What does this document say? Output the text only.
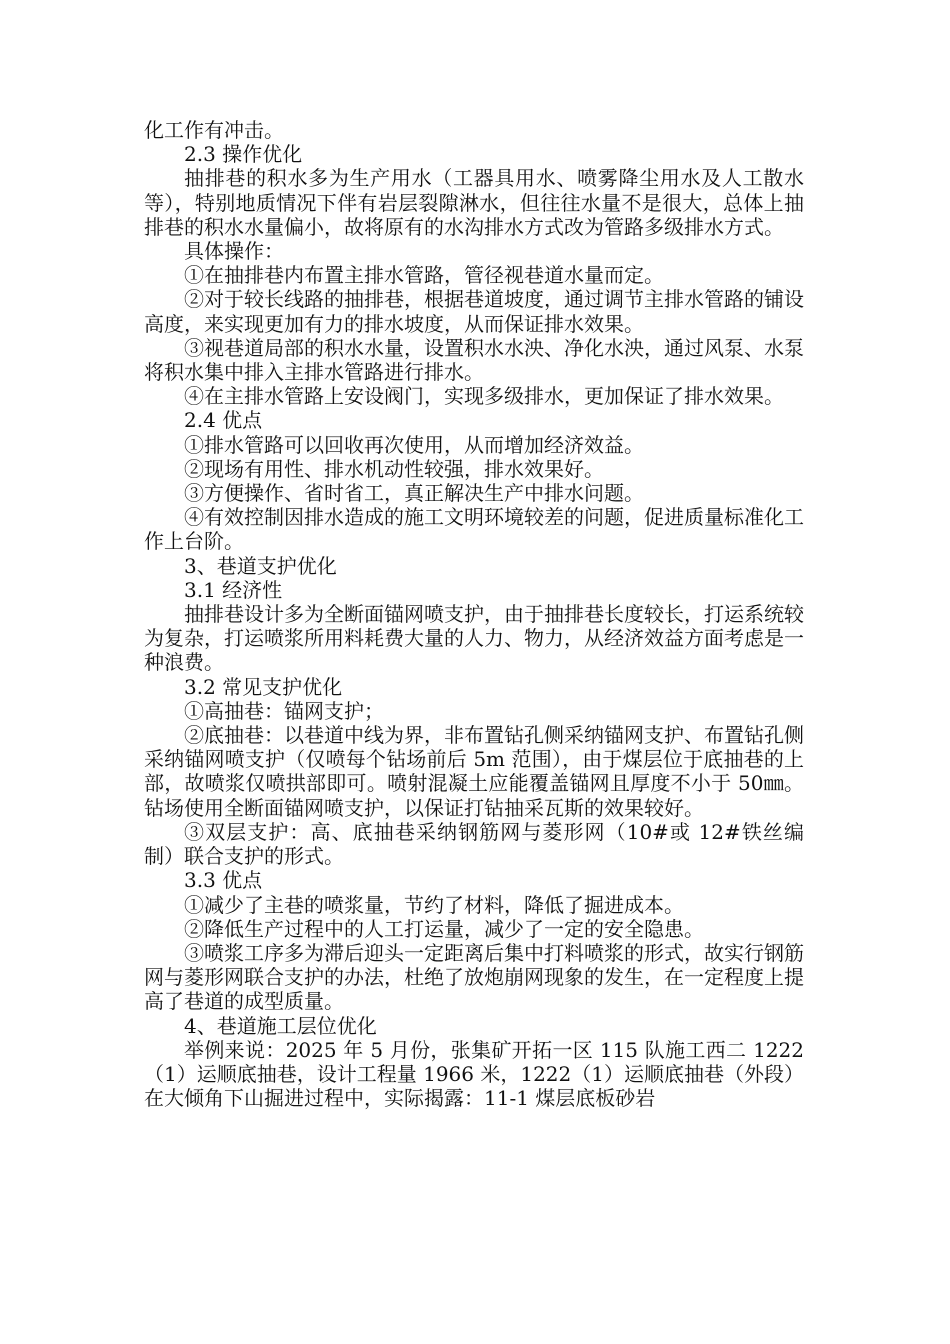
化工作有冲击。

2.3 操作优化

抽排巷的积水多为生产用水（工器具用水、喷雾降尘用水及人工散水等），特别地质情况下伴有岩层裂隙淋水，但往往水量不是很大，总体上抽排巷的积水水量偏小，故将原有的水沟排水方式改为管路多级排水方式。

具体操作：

①在抽排巷内布置主排水管路，管径视巷道水量而定。

②对于较长线路的抽排巷，根据巷道坡度，通过调节主排水管路的铺设高度，来实现更加有力的排水坡度，从而保证排水效果。

③视巷道局部的积水水量，设置积水水泱、净化水泱，通过风泵、水泵将积水集中排入主排水管路进行排水。

④在主排水管路上安设阀门，实现多级排水，更加保证了排水效果。

2.4 优点

①排水管路可以回收再次使用，从而增加经济效益。

②现场有用性、排水机动性较强，排水效果好。

③方便操作、省时省工，真正解决生产中排水问题。

④有效控制因排水造成的施工文明环境较差的问题，促进质量标准化工作上台阶。

3、巷道支护优化

3.1 经济性

抽排巷设计多为全断面锚网喷支护，由于抽排巷长度较长，打运系统较为复杂，打运喷浆所用料耗费大量的人力、物力，从经济效益方面考虑是一种浪费。

3.2 常见支护优化

①高抽巷：锚网支护；

②底抽巷：以巷道中线为界，非布置钻孔侧采纳锚网支护、布置钻孔侧采纳锚网喷支护（仅喷每个钻场前后 5m 范围），由于煤层位于底抽巷的上部，故喷浆仅喷拱部即可。喷射混凝土应能覆盖锚网且厚度不小于 50㎜。钻场使用全断面锚网喷支护，以保证打钻抽采瓦斯的效果较好。

③双层支护：高、底抽巷采纳钢筋网与菱形网（10#或 12#铁丝编制）联合支护的形式。

3.3 优点

①减少了主巷的喷浆量，节约了材料，降低了掘进成本。

②降低生产过程中的人工打运量，减少了一定的安全隐患。

③喷浆工序多为滞后迎头一定距离后集中打料喷浆的形式，故实行钢筋网与菱形网联合支护的办法，杜绝了放炮崩网现象的发生，在一定程度上提高了巷道的成型质量。

4、巷道施工层位优化

举例来说：2025 年 5 月份，张集矿开拓一区 115 队施工西二 1222（1）运顺底抽巷，设计工程量 1966 米，1222（1）运顺底抽巷（外段）在大倾角下山掘进过程中，实际揭露：11-1 煤层底板砂岩
